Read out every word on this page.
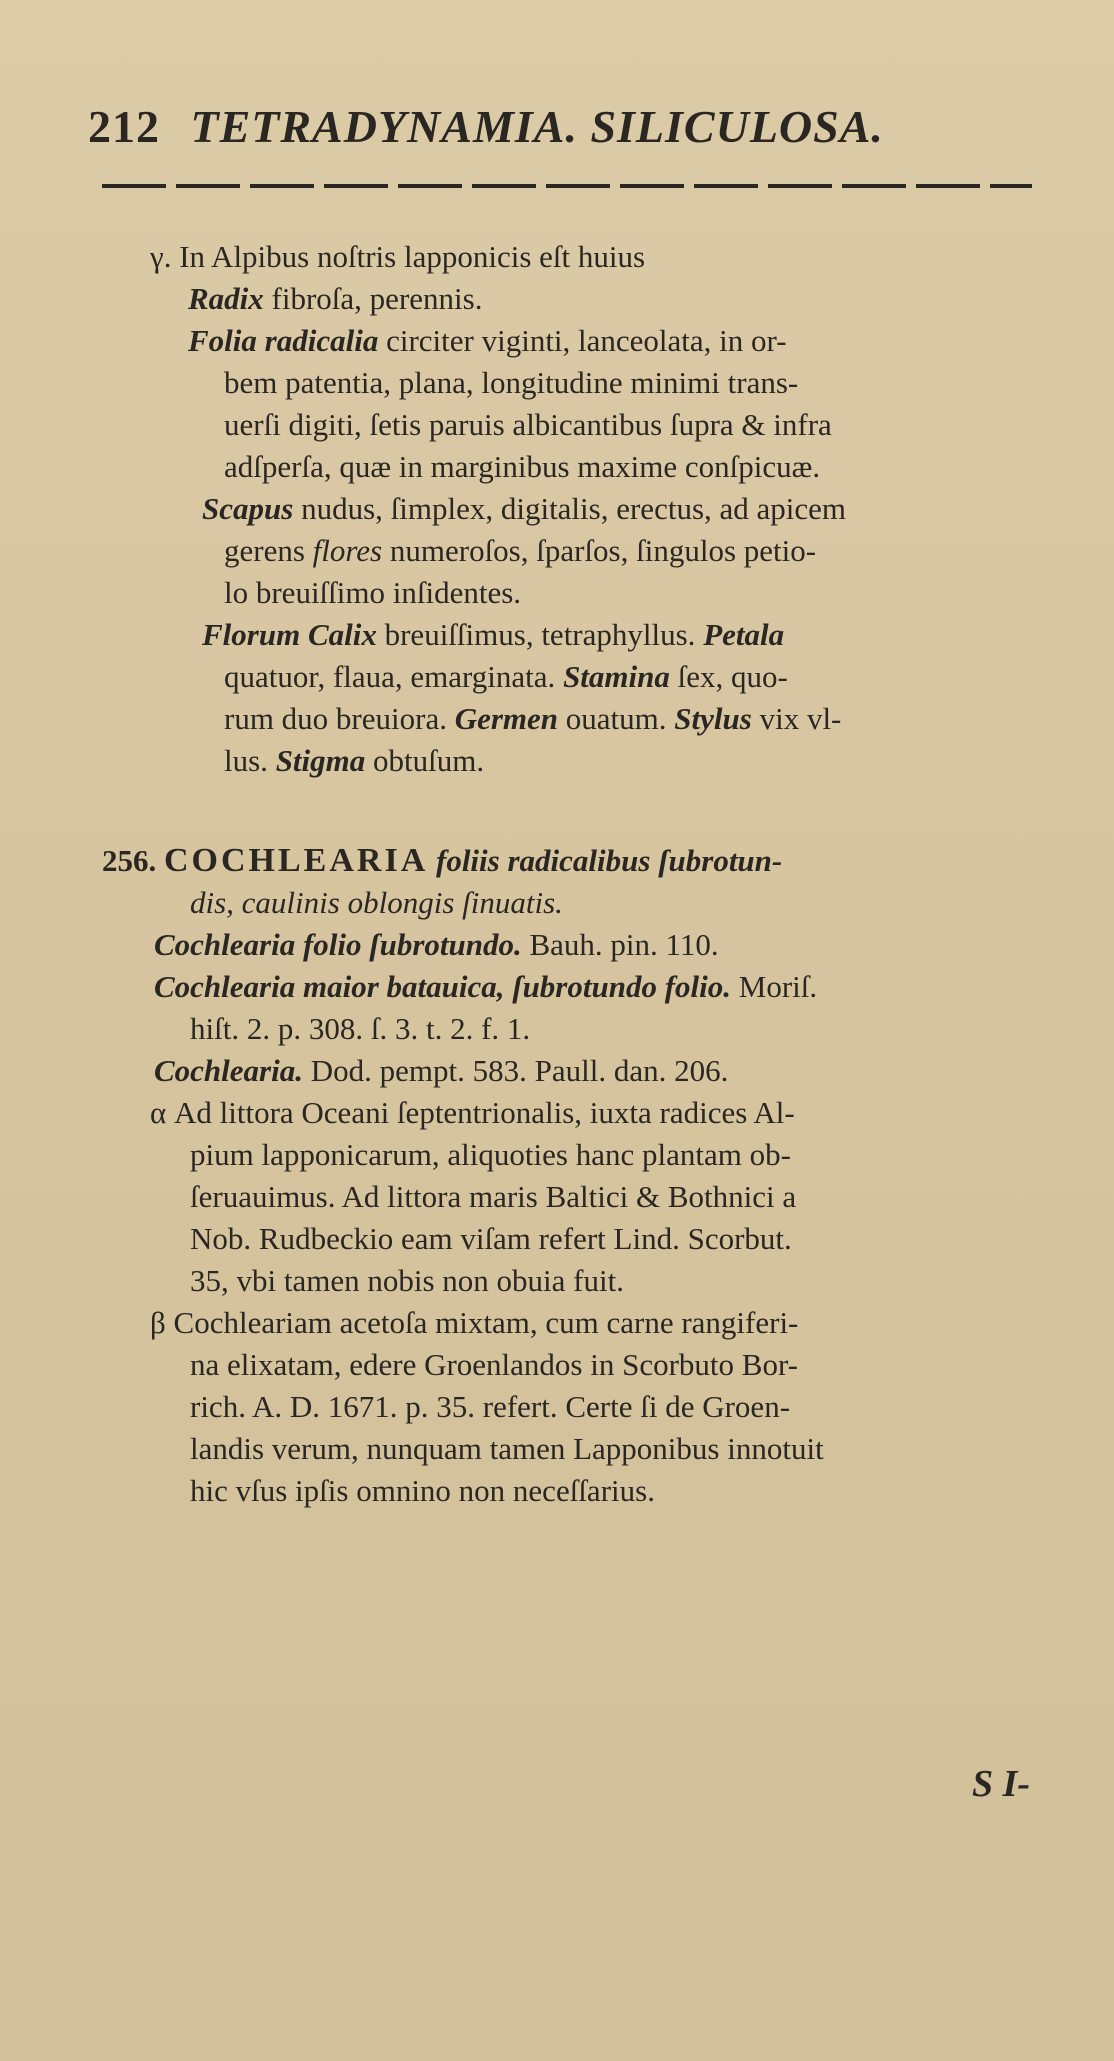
212 TETRADYNAMIA. SILICULOSA.
γ. In Alpibus noſtris lapponicis eſt huius
Radix fibroſa, perennis.
Folia radicalia circiter viginti, lanceolata, in or-
bem patentia, plana, longitudine minimi trans-
uerſi digiti, ſetis paruis albicantibus ſupra & infra
adſperſa, quæ in marginibus maxime conſpicuæ.
Scapus nudus, ſimplex, digitalis, erectus, ad apicem
gerens flores numeroſos, ſparſos, ſingulos petio-
lo breuiſſimo inſidentes.
Florum Calix breuiſſimus, tetraphyllus. Petala
quatuor, flaua, emarginata. Stamina ſex, quo-
rum duo breuiora. Germen ouatum. Stylus vix vl-
lus. Stigma obtuſum.
256. COCHLEARIA foliis radicalibus ſubrotun-
dis, caulinis oblongis ſinuatis.
Cochlearia folio ſubrotundo. Bauh. pin. 110.
Cochlearia maior batauica, ſubrotundo folio. Moriſ.
hiſt. 2. p. 308. ſ. 3. t. 2. f. 1.
Cochlearia. Dod. pempt. 583. Paull. dan. 206.
α Ad littora Oceani ſeptentrionalis, iuxta radices Al-
pium lapponicarum, aliquoties hanc plantam ob-
ſeruauimus. Ad littora maris Baltici & Bothnici a
Nob. Rudbeckio eam viſam refert Lind. Scorbut.
35, vbi tamen nobis non obuia fuit.
β Cochleariam acetoſa mixtam, cum carne rangiferi-
na elixatam, edere Groenlandos in Scorbuto Bor-
rich. A. D. 1671. p. 35. refert. Certe ſi de Groen-
landis verum, nunquam tamen Lapponibus innotuit
hic vſus ipſis omnino non neceſſarius.
S I-
